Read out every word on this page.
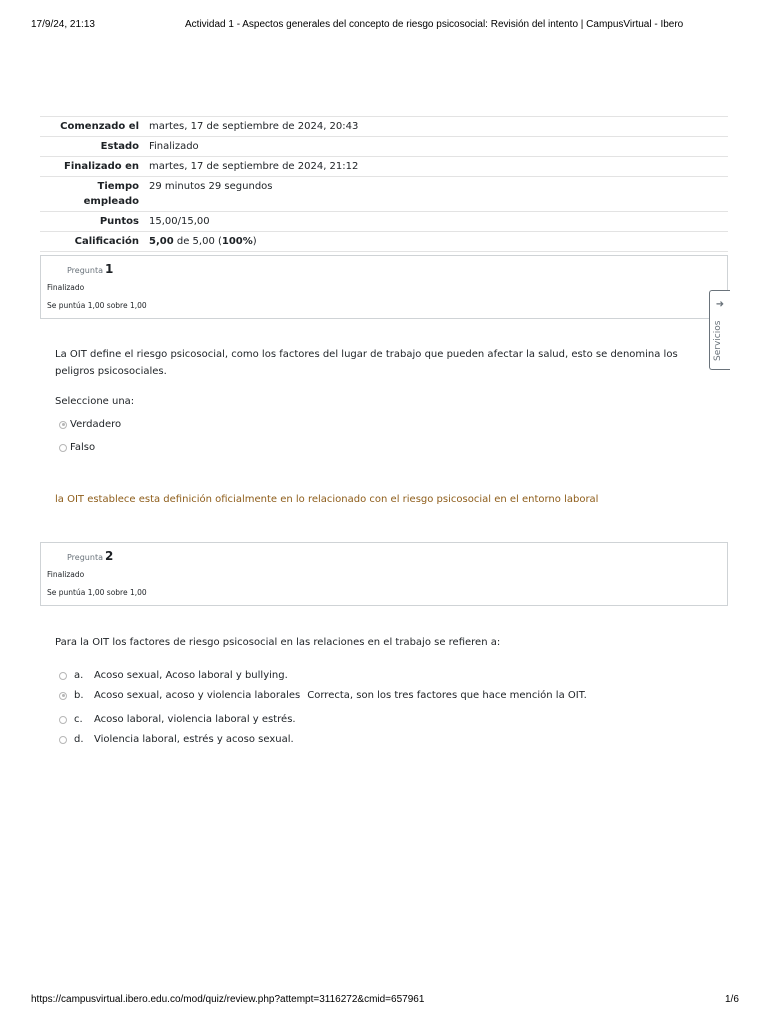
17/9/24, 21:13	Actividad 1 - Aspectos generales del concepto de riesgo psicosocial: Revisión del intento | CampusVirtual - Ibero
Comenzado el	martes, 17 de septiembre de 2024, 20:43
Estado	Finalizado
Finalizado en	martes, 17 de septiembre de 2024, 21:12
Tiempo empleado	29 minutos 29 segundos
Puntos	15,00/15,00
Calificación	5,00 de 5,00 (100%)
Pregunta 1
Finalizado
Se puntúa 1,00 sobre 1,00
La OIT define el riesgo psicosocial, como los factores del lugar de trabajo que pueden afectar la salud, esto se denomina los peligros psicosociales.
Seleccione una:
Verdadero
Falso
la OIT establece esta definición oficialmente en lo relacionado con el riesgo psicosocial en el entorno laboral
Pregunta 2
Finalizado
Se puntúa 1,00 sobre 1,00
Para la OIT los factores de riesgo psicosocial en las relaciones en el trabajo se refieren a:
a.	Acoso sexual, Acoso laboral y bullying.
b.	Acoso sexual, acoso y violencia laborales Correcta, son los tres factores que hace mención la OIT.
c.	Acoso laboral, violencia laboral y estrés.
d.	Violencia laboral, estrés y acoso sexual.
➜
Servicios
https://campusvirtual.ibero.edu.co/mod/quiz/review.php?attempt=3116272&cmid=657961	1/6
